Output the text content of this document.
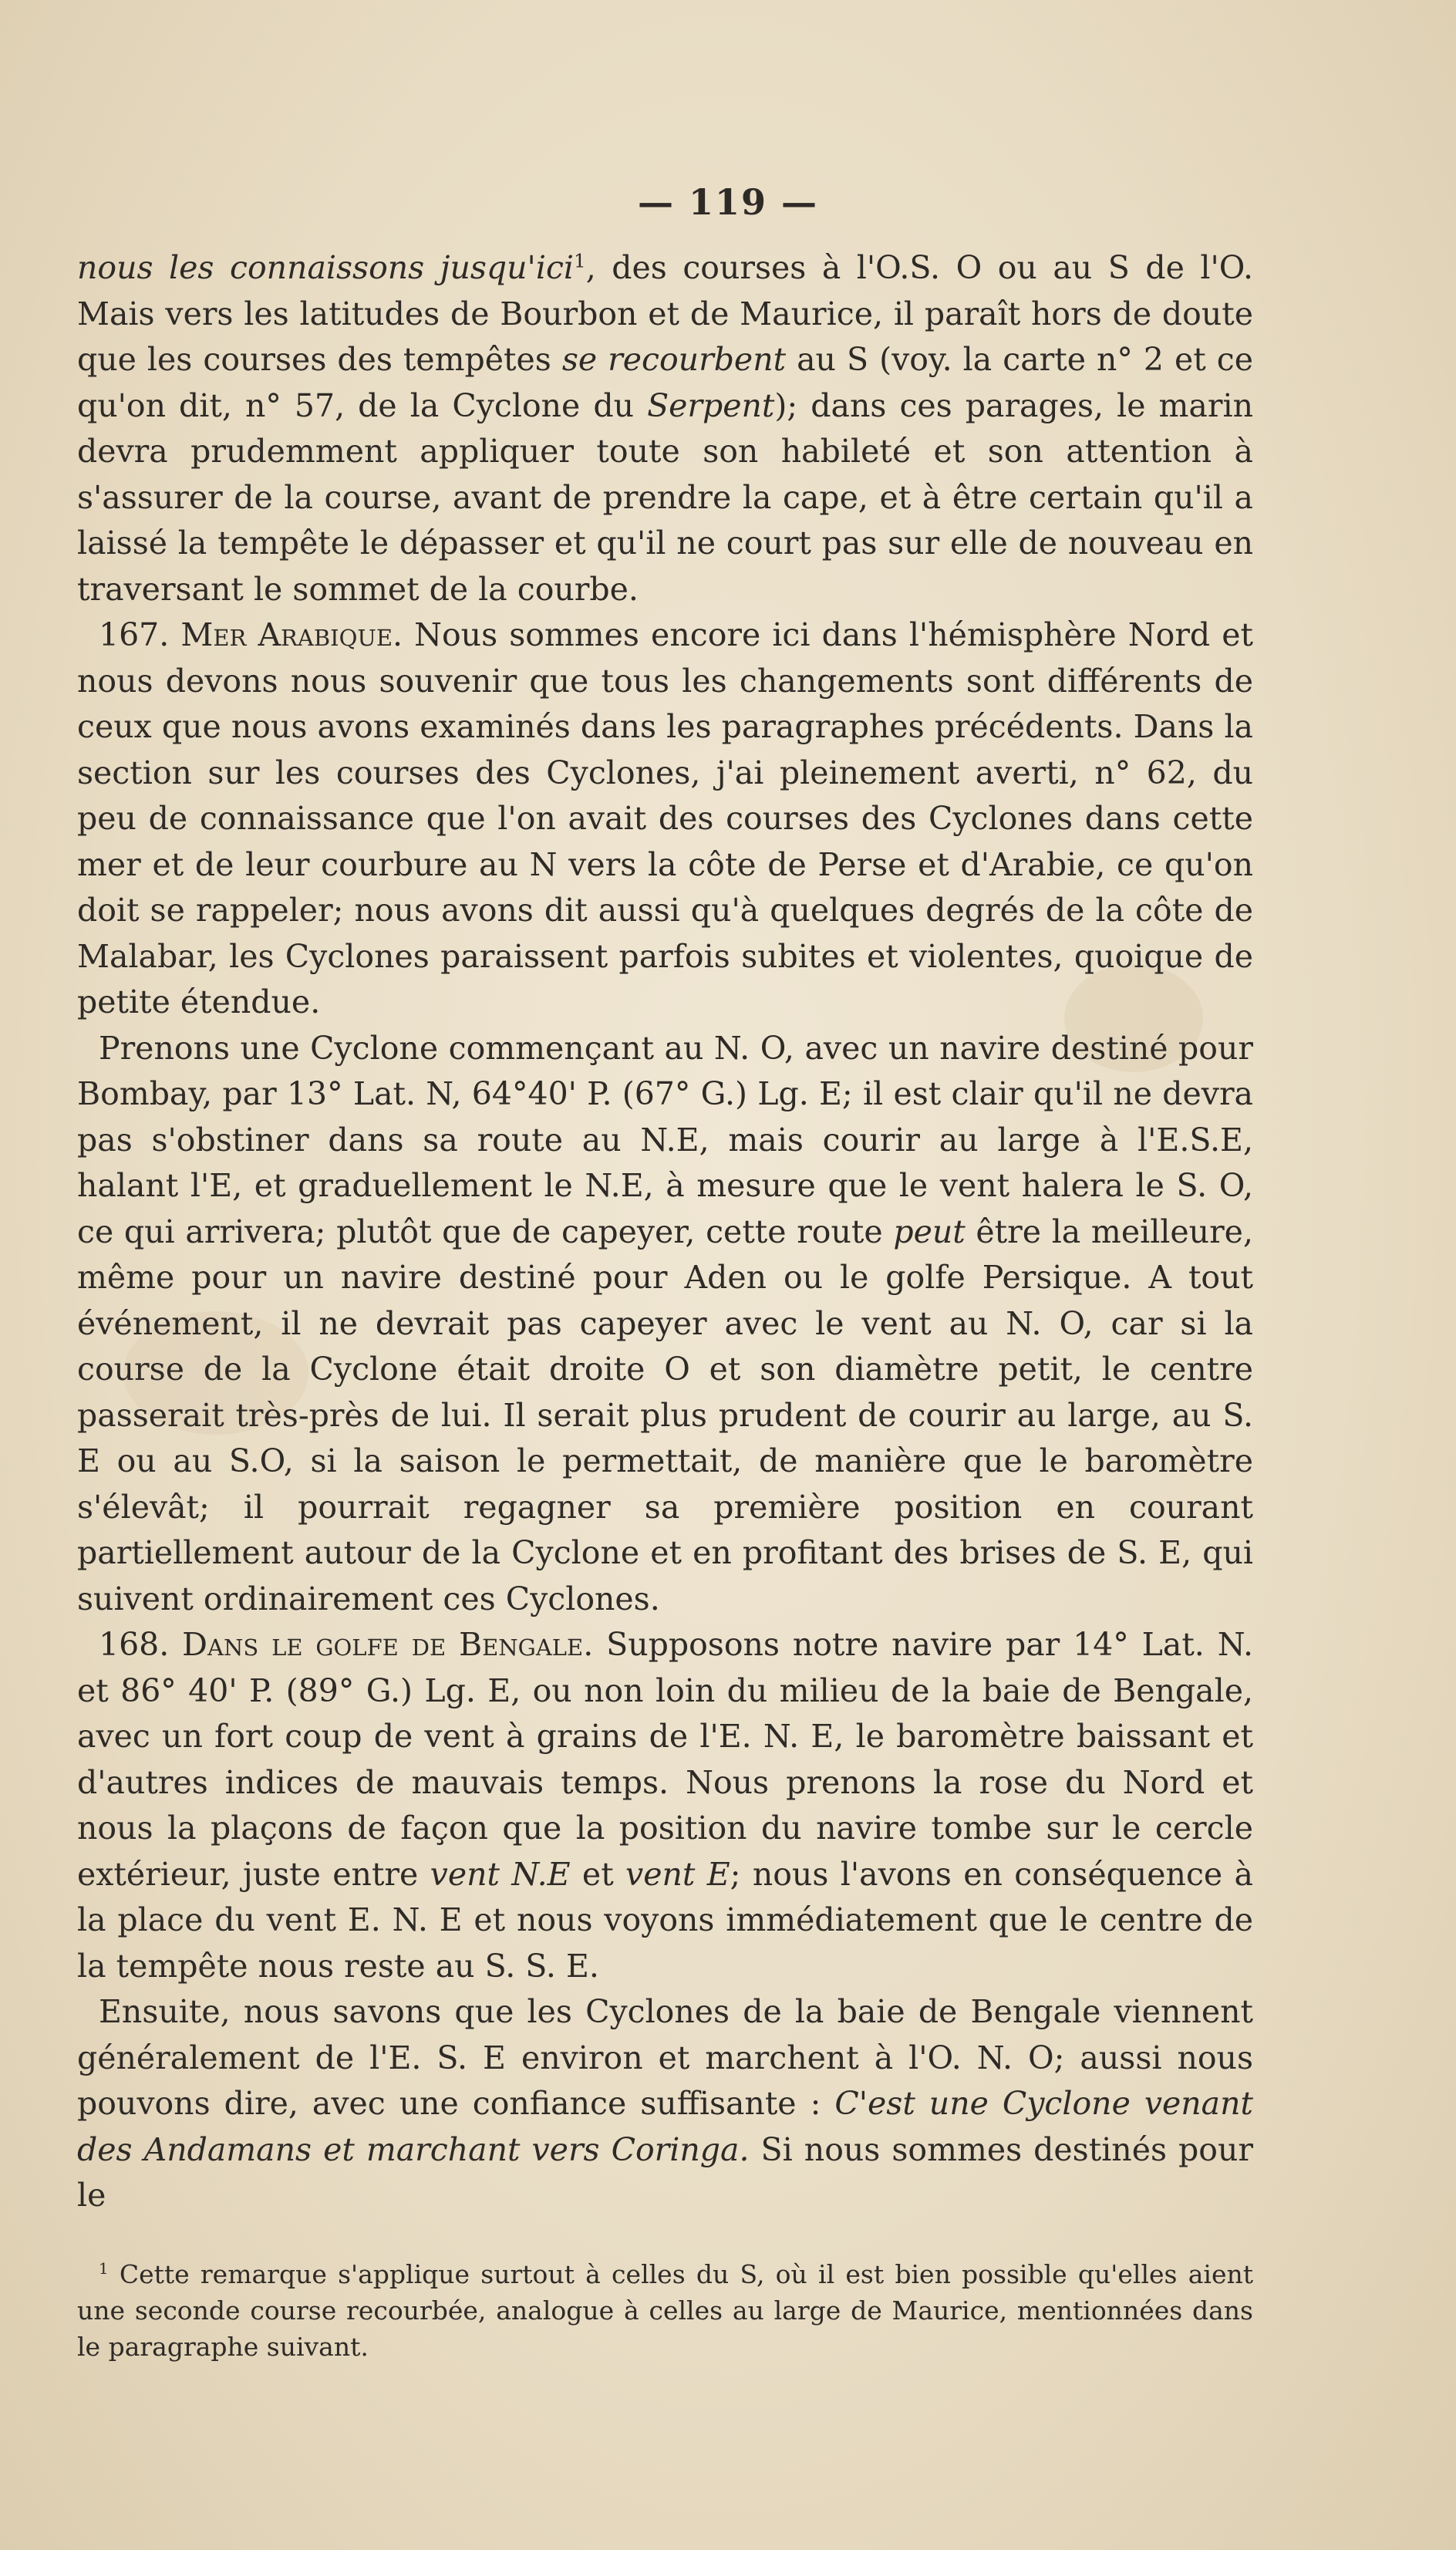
— 119 —

nous les connaissons jusqu'ici$^1$, des courses à l'O.S. O ou au S de l'O. Mais vers les latitudes de Bourbon et de Maurice, il paraît hors de doute que les courses des tempêtes se recourbent au S (voy. la carte n° 2 et ce qu'on dit, n° 57, de la Cyclone du Serpent); dans ces parages, le marin devra prudemment appliquer toute son habileté et son attention à s'assurer de la course, avant de prendre la cape, et à être certain qu'il a laissé la tempête le dépasser et qu'il ne court pas sur elle de nouveau en traversant le sommet de la courbe.

167. Mer Arabique. Nous sommes encore ici dans l'hémisphère Nord et nous devons nous souvenir que tous les changements sont différents de ceux que nous avons examinés dans les paragraphes précédents. Dans la section sur les courses des Cyclones, j'ai pleinement averti, n° 62, du peu de connaissance que l'on avait des courses des Cyclones dans cette mer et de leur courbure au N vers la côte de Perse et d'Arabie, ce qu'on doit se rappeler; nous avons dit aussi qu'à quelques degrés de la côte de Malabar, les Cyclones paraissent parfois subites et violentes, quoique de petite étendue.

Prenons une Cyclone commençant au N. O, avec un navire destiné pour Bombay, par 13° Lat. N, 64°40' P. (67° G.) Lg. E; il est clair qu'il ne devra pas s'obstiner dans sa route au N.E, mais courir au large à l'E.S.E, halant l'E, et graduellement le N.E, à mesure que le vent halera le S. O, ce qui arrivera; plutôt que de capeyer, cette route peut être la meilleure, même pour un navire destiné pour Aden ou le golfe Persique. A tout événement, il ne devrait pas capeyer avec le vent au N. O, car si la course de la Cyclone était droite O et son diamètre petit, le centre passerait très-près de lui. Il serait plus prudent de courir au large, au S. E ou au S.O, si la saison le permettait, de manière que le baromètre s'élevât; il pourrait regagner sa première position en courant partiellement autour de la Cyclone et en profitant des brises de S. E, qui suivent ordinairement ces Cyclones.

168. Dans le golfe de Bengale. Supposons notre navire par 14° Lat. N. et 86° 40' P. (89° G.) Lg. E, ou non loin du milieu de la baie de Bengale, avec un fort coup de vent à grains de l'E. N. E, le baromètre baissant et d'autres indices de mauvais temps. Nous prenons la rose du Nord et nous la plaçons de façon que la position du navire tombe sur le cercle extérieur, juste entre vent N.E et vent E; nous l'avons en conséquence à la place du vent E. N. E et nous voyons immédiatement que le centre de la tempête nous reste au S. S. E.

Ensuite, nous savons que les Cyclones de la baie de Bengale viennent généralement de l'E. S. E environ et marchent à l'O. N. O; aussi nous pouvons dire, avec une confiance suffisante : C'est une Cyclone venant des Andamans et marchant vers Coringa. Si nous sommes destinés pour le

$^1$ Cette remarque s'applique surtout à celles du S, où il est bien possible qu'elles aient une seconde course recourbée, analogue à celles au large de Maurice, mentionnées dans le paragraphe suivant.
